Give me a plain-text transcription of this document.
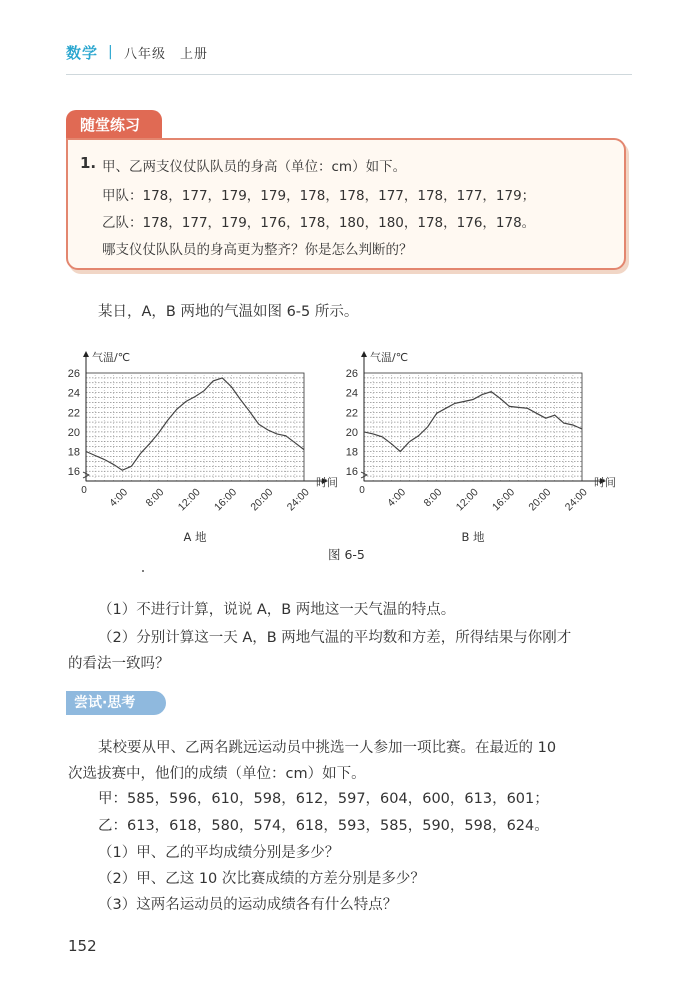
数学 | 八年级　上册
随堂练习
1. 甲、乙两支仪仗队队员的身高（单位：cm）如下。
甲队：178，177，179，179，178，178，177，178，177，179；
乙队：178，177，179，176，178，180，180，178，176，178。
哪支仪仗队队员的身高更为整齐？你是怎么判断的？
某日，A，B 两地的气温如图 6-5 所示。
16
18
20
22
24
26
0 4:00 8:00 12:00 16:00 20:00 24:00
气温/℃
时间
A 地
16
18
20
22
24
26
0 4:00 8:00 12:00 16:00 20:00 24:00
气温/℃
时间
B 地
图 6-5
（1）不进行计算，说说 A，B 两地这一天气温的特点。
（2）分别计算这一天 A，B 两地气温的平均数和方差，所得结果与你刚才
的看法一致吗？
尝试·思考
某校要从甲、乙两名跳远运动员中挑选一人参加一项比赛。在最近的 10
次选拔赛中，他们的成绩（单位：cm）如下。
甲：585，596，610，598，612，597，604，600，613，601；
乙：613，618，580，574，618，593，585，590，598，624。
（1）甲、乙的平均成绩分别是多少？
（2）甲、乙这 10 次比赛成绩的方差分别是多少？
（3）这两名运动员的运动成绩各有什么特点？
152
